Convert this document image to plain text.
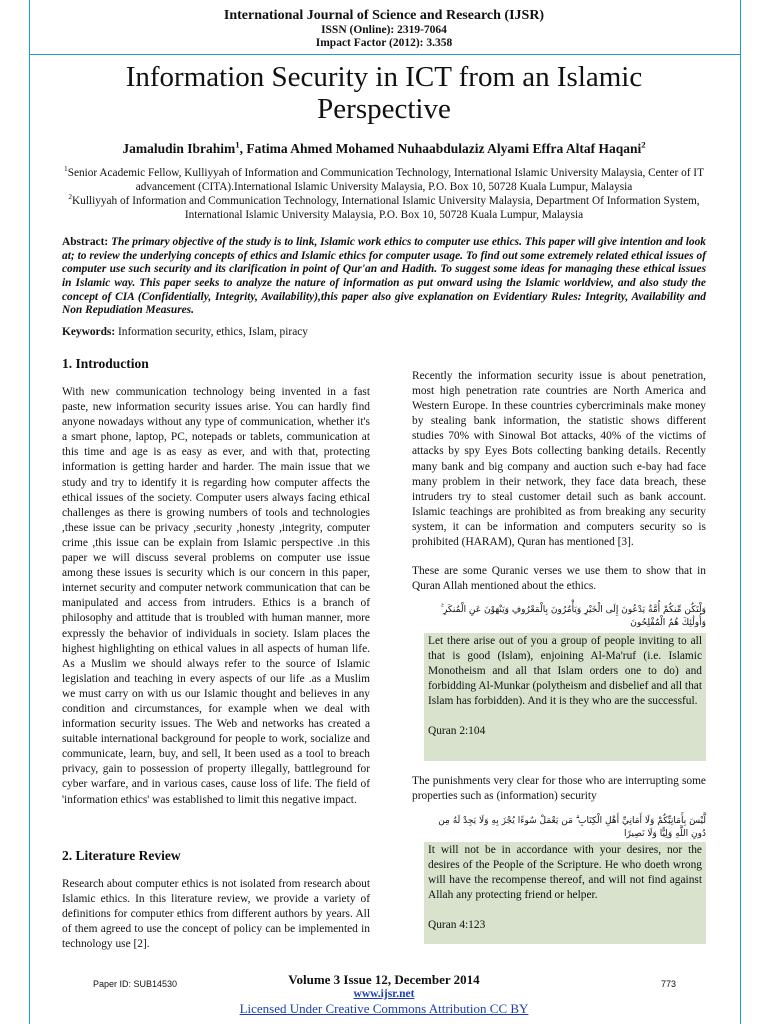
International Journal of Science and Research (IJSR)
ISSN (Online): 2319-7064
Impact Factor (2012): 3.358
Information Security in ICT from an Islamic Perspective
Jamaludin Ibrahim$^1$, Fatima Ahmed Mohamed Nuhaabdulaziz Alyami Effra Altaf Haqani$^2$
$^1$Senior Academic Fellow, Kulliyyah of Information and Communication Technology, International Islamic University Malaysia, Center of IT advancement (CITA).International Islamic University Malaysia, P.O. Box 10, 50728 Kuala Lumpur, Malaysia
$^2$Kulliyyah of Information and Communication Technology, International Islamic University Malaysia, Department Of Information System, International Islamic University Malaysia, P.O. Box 10, 50728 Kuala Lumpur, Malaysia
Abstract: The primary objective of the study is to link, Islamic work ethics to computer use ethics. This paper will give intention and look at; to review the underlying concepts of ethics and Islamic ethics for computer usage. To find out some extremely related ethical issues of computer use such security and its clarification in point of Qur'an and Hadith. To suggest some ideas for managing these ethical issues in Islamic way. This paper seeks to analyze the nature of information as put onward using the Islamic worldview, and also study the concept of CIA (Confidentially, Integrity, Availability),this paper also give explanation on Evidentiary Rules: Integrity, Availability and Non Repudiation Measures.
Keywords: Information security, ethics, Islam, piracy
1. Introduction

With new communication technology being invented in a fast paste, new information security issues arise. You can hardly find anyone nowadays without any type of communication, whether it's a smart phone, laptop, PC, notepads or tablets, communication at this time and age is as easy as ever, and with that, protecting information is getting harder and harder. The main issue that we study and try to identify it is regarding how computer affects the ethical issues of the society. Computer users always facing ethical challenges as there is growing numbers of tools and technologies ,these issue can be privacy ,security ,honesty ,integrity, computer crime ,this issue can be explain from Islamic perspective .in this paper we will discuss several problems on computer use issue among these issues is security which is our concern in this paper, internet security and computer network communication that can be manipulated and access from intruders. Ethics is a branch of philosophy and attitude that is troubled with human manner, more expressly the behavior of individuals in society. Islam places the highest highlighting on ethical values in all aspects of human life. As a Muslim we should always refer to the source of Islamic legislation and teaching in every aspects of our life .as a Muslim we must carry on with us our Islamic thought and believes in any condition and circumstances, for example when we deal with information security issues. The Web and networks has created a suitable international background for people to work, socialize and communicate, learn, buy, and sell, It been used as a tool to breach privacy, gain to possession of property illegally, battleground for cyber warfare, and in various cases, cause loss of life. The field of 'information ethics' was established to limit this negative impact.

2. Literature Review

Research about computer ethics is not isolated from research about Islamic ethics. In this literature review, we provide a variety of definitions for computer ethics from different authors by years. All of them agreed to use the concept of policy can be implemented in technology use [2].

Recently the information security issue is about penetration, most high penetration rate countries are North America and Western Europe. In these countries cybercriminals make money by stealing bank information, the statistic shows different studies 70% with Sinowal Bot attacks, 40% of the victims of attacks by spy Eyes Bots collecting banking details. Recently many bank and big company and auction such e-bay had face many problem in their network, they face data breach, these intruders try to steal customer detail such as bank account. Islamic teachings are prohibited as from breaking any security system, it can be information and computers security so is prohibited (HARAM), Quran has mentioned [3].

These are some Quranic verses we use them to show that in Quran Allah mentioned about the ethics.

وَلْتَكُن مِّنكُمْ أُمَّةٌ يَدْعُونَ إِلَى الْخَيْرِ وَيَأْمُرُونَ بِالْمَعْرُوفِ وَيَنْهَوْنَ عَنِ الْمُنكَرِ ۚ وَأُولَٰئِكَ هُمُ الْمُفْلِحُونَ
Let there arise out of you a group of people inviting to all that is good (Islam), enjoining Al-Ma'ruf (i.e. Islamic Monotheism and all that Islam orders one to do) and forbidding Al-Munkar (polytheism and disbelief and all that Islam has forbidden). And it is they who are the successful.
Quran 2:104

The punishments very clear for those who are interrupting some properties such as (information) security

لَّيْسَ بِأَمَانِيِّكُمْ وَلَا أَمَانِيِّ أَهْلِ الْكِتَابِ ۗ مَن يَعْمَلْ سُوءًا يُجْزَ بِهِ وَلَا يَجِدْ لَهُ مِن دُونِ اللَّهِ وَلِيًّا وَلَا نَصِيرًا
It will not be in accordance with your desires, nor the desires of the People of the Scripture. He who doeth wrong will have the recompense thereof, and will not find against Allah any protecting friend or helper.
Quran 4:123
Paper ID: SUB14530	Volume 3 Issue 12, December 2014
www.ijsr.net
Licensed Under Creative Commons Attribution CC BY
773
